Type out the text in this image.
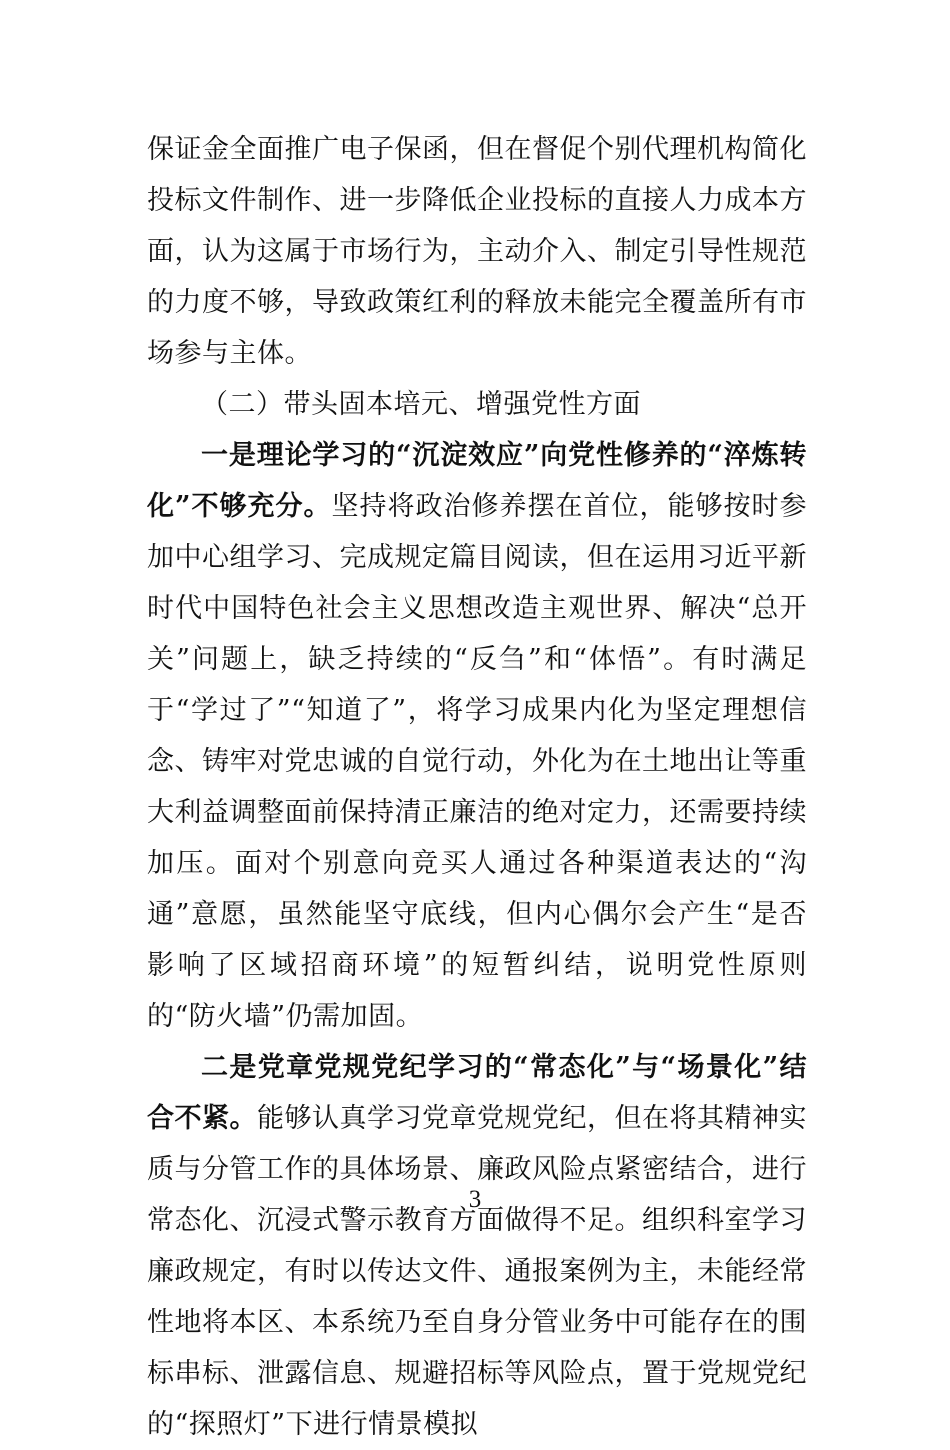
保证金全面推广电子保函，但在督促个别代理机构简化投标文件制作、进一步降低企业投标的直接人力成本方面，认为这属于市场行为，主动介入、制定引导性规范的力度不够，导致政策红利的释放未能完全覆盖所有市场参与主体。

（二）带头固本培元、增强党性方面

一是理论学习的“沉淀效应”向党性修养的“淬炼转化”不够充分。坚持将政治修养摆在首位，能够按时参加中心组学习、完成规定篇目阅读，但在运用习近平新时代中国特色社会主义思想改造主观世界、解决“总开关”问题上，缺乏持续的“反刍”和“体悟”。有时满足于“学过了”“知道了”，将学习成果内化为坚定理想信念、铸牢对党忠诚的自觉行动，外化为在土地出让等重大利益调整面前保持清正廉洁的绝对定力，还需要持续加压。面对个别意向竞买人通过各种渠道表达的“沟通”意愿，虽然能坚守底线，但内心偶尔会产生“是否影响了区域招商环境”的短暂纠结，说明党性原则的“防火墙”仍需加固。

二是党章党规党纪学习的“常态化”与“场景化”结合不紧。能够认真学习党章党规党纪，但在将其精神实质与分管工作的具体场景、廉政风险点紧密结合，进行常态化、沉浸式警示教育方面做得不足。组织科室学习廉政规定，有时以传达文件、通报案例为主，未能经常性地将本区、本系统乃至自身分管业务中可能存在的围标串标、泄露信息、规避招标等风险点，置于党规党纪的“探照灯”下进行情景模拟

3
